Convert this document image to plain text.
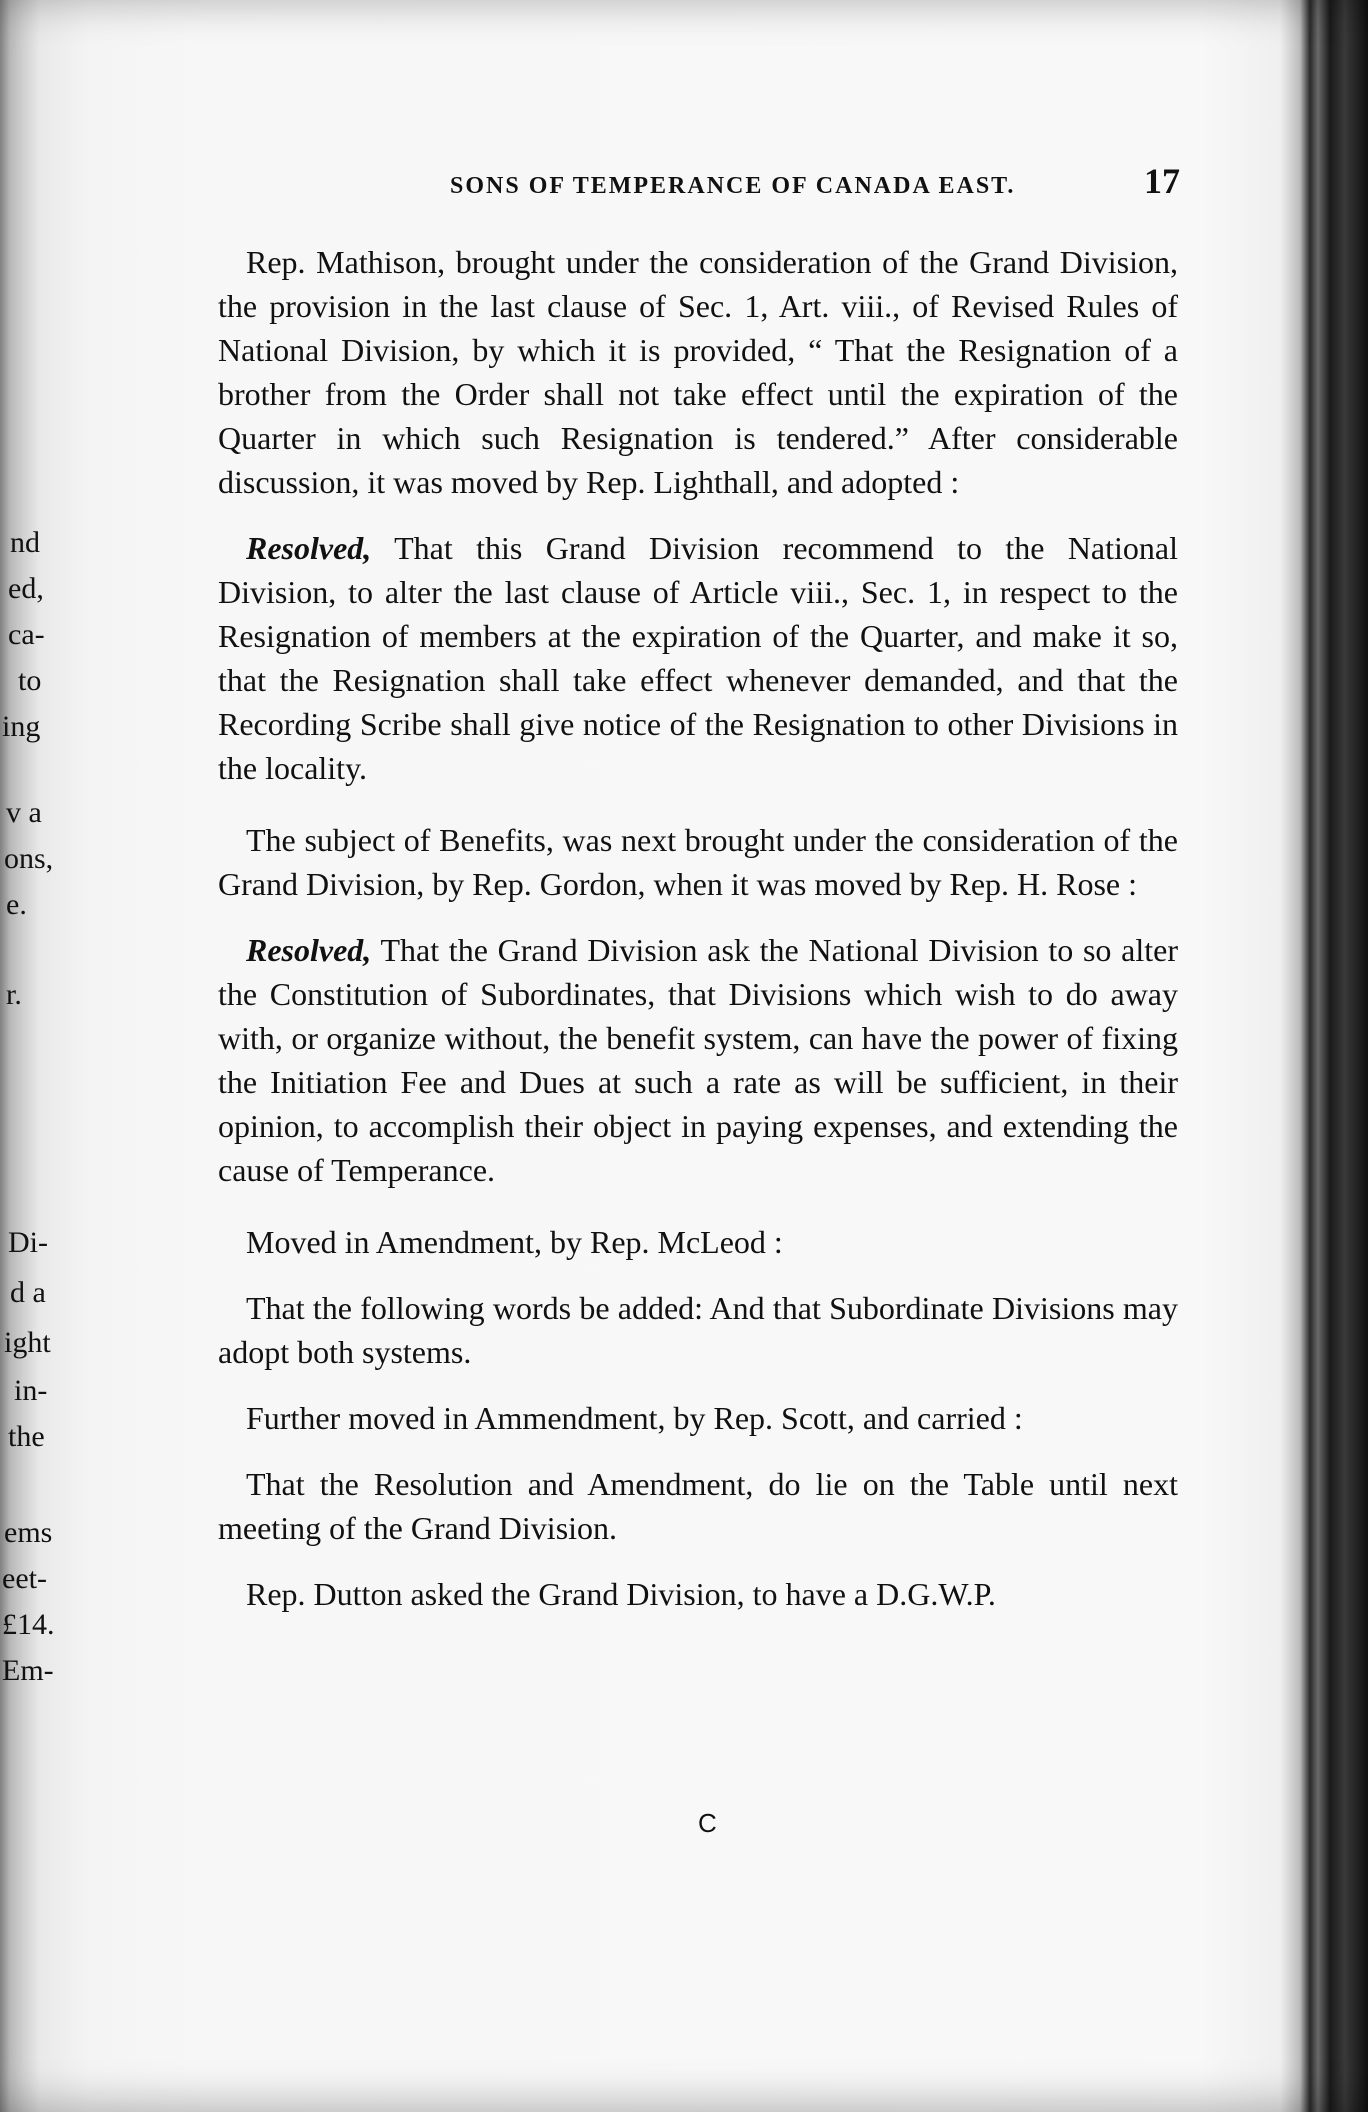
nd
ed,
ca-
to
ing
v a
ons,
e.
r.
Di-
d a
ight
in-
the
ems
eet-
£14.
Em-
SONS OF TEMPERANCE OF CANADA EAST.	17

Rep. Mathison, brought under the consideration of the Grand Division, the provision in the last clause of Sec. 1, Art. viii., of Revised Rules of National Division, by which it is provided, “ That the Resignation of a brother from the Order shall not take effect until the expiration of the Quarter in which such Resignation is tendered.” After considerable discussion, it was moved by Rep. Lighthall, and adopted :

Resolved, That this Grand Division recommend to the National Division, to alter the last clause of Article viii., Sec. 1, in respect to the Resignation of members at the expiration of the Quarter, and make it so, that the Resignation shall take effect whenever demanded, and that the Recording Scribe shall give notice of the Resignation to other Divisions in the locality.

The subject of Benefits, was next brought under the consideration of the Grand Division, by Rep. Gordon, when it was moved by Rep. H. Rose :

Resolved, That the Grand Division ask the National Division to so alter the Constitution of Subordinates, that Divisions which wish to do away with, or organize without, the benefit system, can have the power of fixing the Initiation Fee and Dues at such a rate as will be sufficient, in their opinion, to accomplish their object in paying expenses, and extending the cause of Temperance.

Moved in Amendment, by Rep. McLeod :

That the following words be added: And that Subordinate Divisions may adopt both systems.

Further moved in Ammendment, by Rep. Scott, and carried :

That the Resolution and Amendment, do lie on the Table until next meeting of the Grand Division.

Rep. Dutton asked the Grand Division, to have a D.G.W.P.

C
